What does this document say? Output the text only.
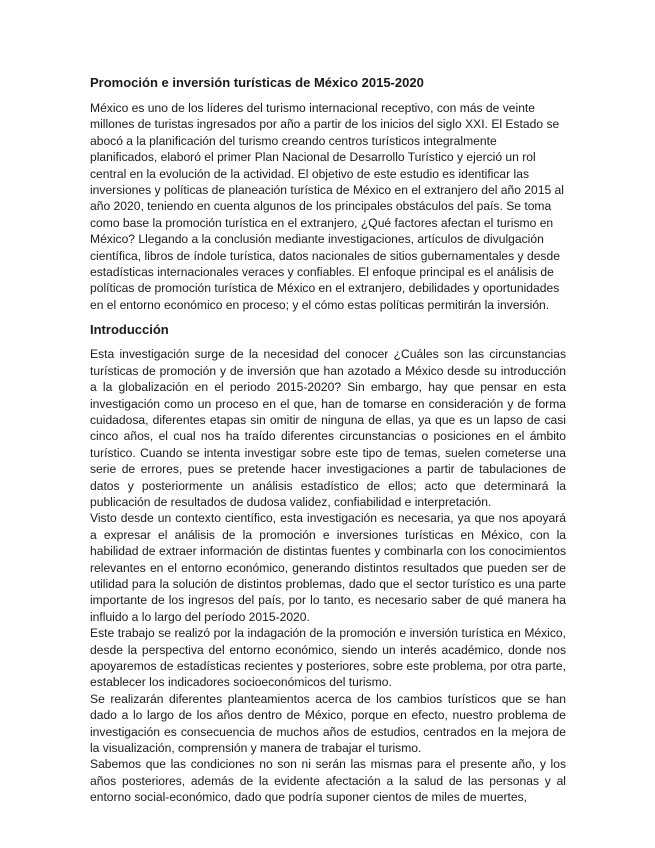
Promoción e inversión turísticas de México 2015-2020

México es uno de los líderes del turismo internacional receptivo, con más de veinte millones de turistas ingresados por año a partir de los inicios del siglo XXI. El Estado se abocó a la planificación del turismo creando centros turísticos integralmente planificados, elaboró el primer Plan Nacional de Desarrollo Turístico y ejerció un rol central en la evolución de la actividad. El objetivo de este estudio es identificar las inversiones y políticas de planeación turística de México en el extranjero del año 2015 al año 2020, teniendo en cuenta algunos de los principales obstáculos del país. Se toma como base la promoción turística en el extranjero, ¿Qué factores afectan el turismo en México? Llegando a la conclusión mediante investigaciones, artículos de divulgación científica, libros de índole turística, datos nacionales de sitios gubernamentales y desde estadísticas internacionales veraces y confiables. El enfoque principal es el análisis de políticas de promoción turística de México en el extranjero, debilidades y oportunidades en el entorno económico en proceso; y el cómo estas políticas permitirán la inversión.

Introducción

Esta investigación surge de la necesidad del conocer ¿Cuáles son las circunstancias turísticas de promoción y de inversión que han azotado a México desde su introducción a la globalización en el periodo 2015-2020? Sin embargo, hay que pensar en esta investigación como un proceso en el que, han de tomarse en consideración y de forma cuidadosa, diferentes etapas sin omitir de ninguna de ellas, ya que es un lapso de casi cinco años, el cual nos ha traído diferentes circunstancias o posiciones en el ámbito turístico. Cuando se intenta investigar sobre este tipo de temas, suelen cometerse una serie de errores, pues se pretende hacer investigaciones a partir de tabulaciones de datos y posteriormente un análisis estadístico de ellos; acto que determinará la publicación de resultados de dudosa validez, confiabilidad e interpretación.

Visto desde un contexto científico, esta investigación es necesaria, ya que nos apoyará a expresar el análisis de la promoción e inversiones turísticas en México, con la habilidad de extraer información de distintas fuentes y combinarla con los conocimientos relevantes en el entorno económico, generando distintos resultados que pueden ser de utilidad para la solución de distintos problemas, dado que el sector turístico es una parte importante de los ingresos del país, por lo tanto, es necesario saber de qué manera ha influido a lo largo del período 2015-2020.

Este trabajo se realizó por la indagación de la promoción e inversión turística en México, desde la perspectiva del entorno económico, siendo un interés académico, donde nos apoyaremos de estadísticas recientes y posteriores, sobre este problema, por otra parte, establecer los indicadores socioeconómicos del turismo.

Se realizarán diferentes planteamientos acerca de los cambios turísticos que se han dado a lo largo de los años dentro de México, porque en efecto, nuestro problema de investigación es consecuencia de muchos años de estudios, centrados en la mejora de la visualización, comprensión y manera de trabajar el turismo.

Sabemos que las condiciones no son ni serán las mismas para el presente año, y los años posteriores, además de la evidente afectación a la salud de las personas y al entorno social-económico, dado que podría suponer cientos de miles de muertes,
